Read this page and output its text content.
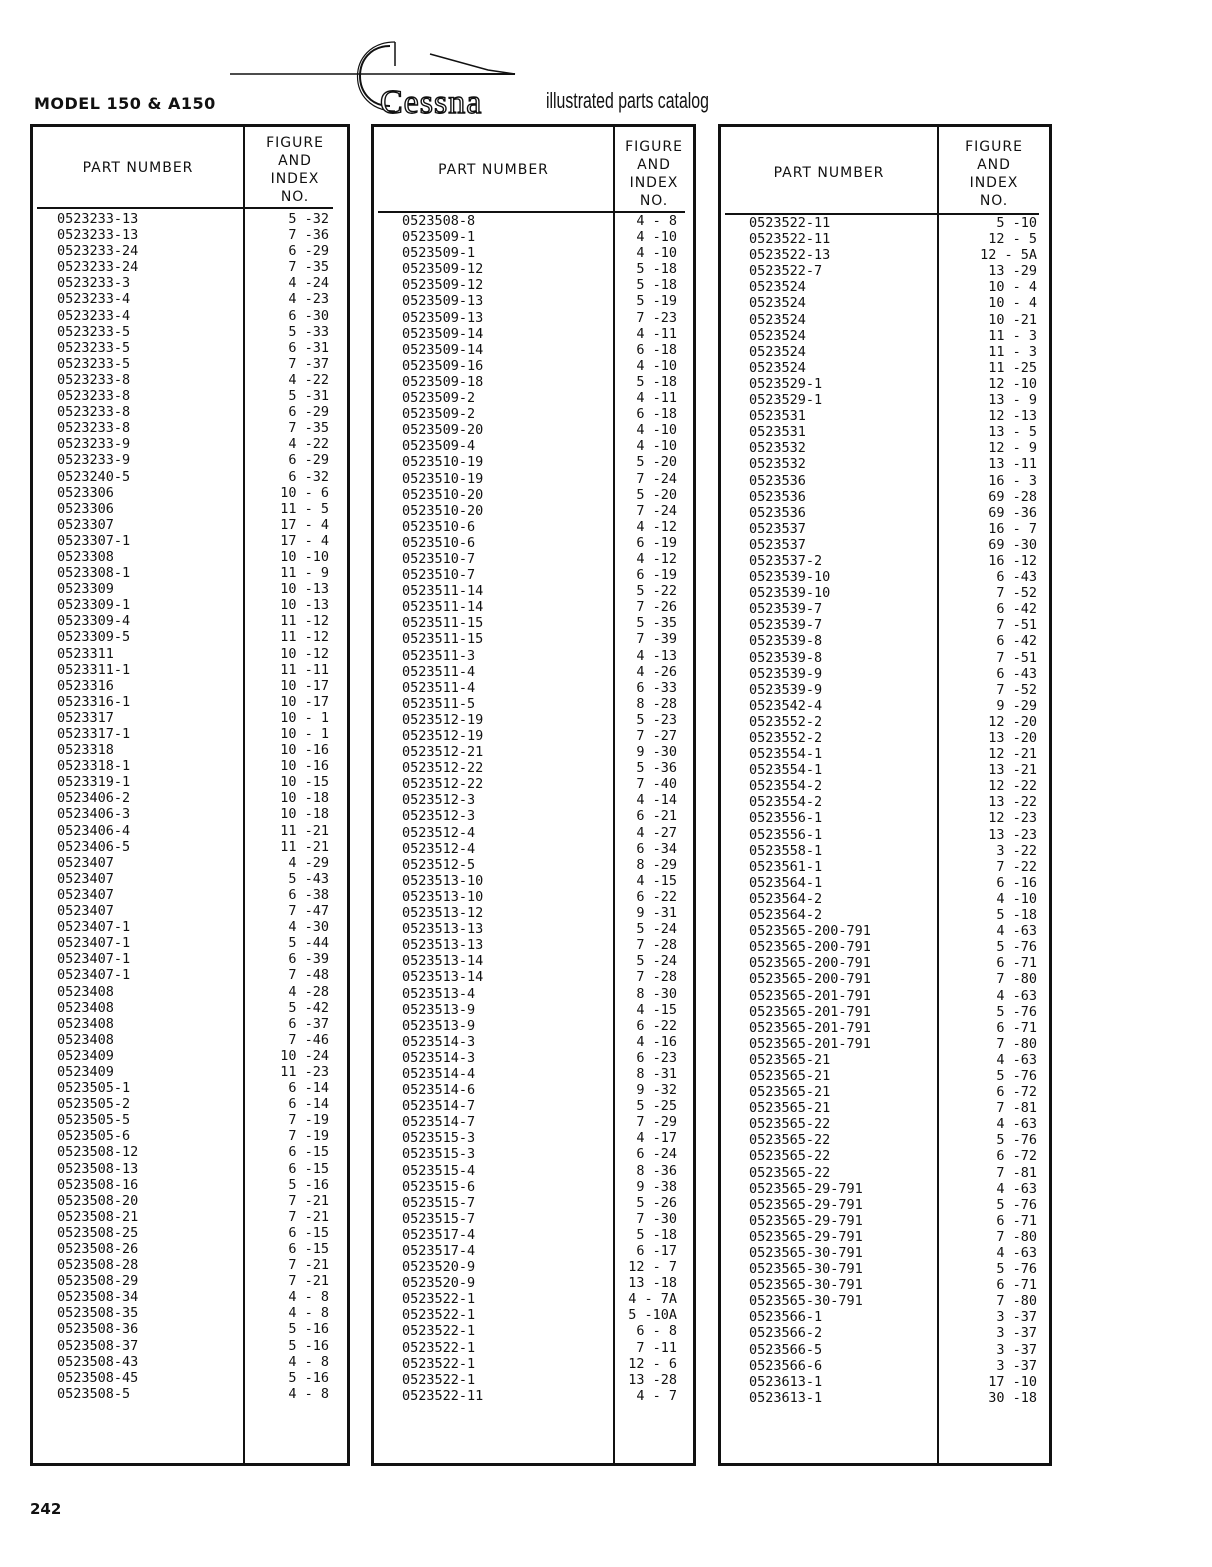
MODEL 150 & A150	Cessna	illustrated parts catalog
PART NUMBER
FIGURE
AND
INDEX
NO.
0523233-13	5 -32
0523233-13	7 -36
0523233-24	6 -29
0523233-24	7 -35
0523233-3	4 -24
0523233-4	4 -23
0523233-4	6 -30
0523233-5	5 -33
0523233-5	6 -31
0523233-5	7 -37
0523233-8	4 -22
0523233-8	5 -31
0523233-8	6 -29
0523233-8	7 -35
0523233-9	4 -22
0523233-9	6 -29
0523240-5	6 -32
0523306	10 - 6
0523306	11 - 5
0523307	17 - 4
0523307-1	17 - 4
0523308	10 -10
0523308-1	11 - 9
0523309	10 -13
0523309-1	10 -13
0523309-4	11 -12
0523309-5	11 -12
0523311	10 -12
0523311-1	11 -11
0523316	10 -17
0523316-1	10 -17
0523317	10 - 1
0523317-1	10 - 1
0523318	10 -16
0523318-1	10 -16
0523319-1	10 -15
0523406-2	10 -18
0523406-3	10 -18
0523406-4	11 -21
0523406-5	11 -21
0523407	4 -29
0523407	5 -43
0523407	6 -38
0523407	7 -47
0523407-1	4 -30
0523407-1	5 -44
0523407-1	6 -39
0523407-1	7 -48
0523408	4 -28
0523408	5 -42
0523408	6 -37
0523408	7 -46
0523409	10 -24
0523409	11 -23
0523505-1	6 -14
0523505-2	6 -14
0523505-5	7 -19
0523505-6	7 -19
0523508-12	6 -15
0523508-13	6 -15
0523508-16	5 -16
0523508-20	7 -21
0523508-21	7 -21
0523508-25	6 -15
0523508-26	6 -15
0523508-28	7 -21
0523508-29	7 -21
0523508-34	4 - 8
0523508-35	4 - 8
0523508-36	5 -16
0523508-37	5 -16
0523508-43	4 - 8
0523508-45	5 -16
0523508-5	4 - 8
PART NUMBER
FIGURE
AND
INDEX
NO.
0523508-8	4 - 8
0523509-1	4 -10
0523509-1	4 -10
0523509-12	5 -18
0523509-12	5 -18
0523509-13	5 -19
0523509-13	7 -23
0523509-14	4 -11
0523509-14	6 -18
0523509-16	4 -10
0523509-18	5 -18
0523509-2	4 -11
0523509-2	6 -18
0523509-20	4 -10
0523509-4	4 -10
0523510-19	5 -20
0523510-19	7 -24
0523510-20	5 -20
0523510-20	7 -24
0523510-6	4 -12
0523510-6	6 -19
0523510-7	4 -12
0523510-7	6 -19
0523511-14	5 -22
0523511-14	7 -26
0523511-15	5 -35
0523511-15	7 -39
0523511-3	4 -13
0523511-4	4 -26
0523511-4	6 -33
0523511-5	8 -28
0523512-19	5 -23
0523512-19	7 -27
0523512-21	9 -30
0523512-22	5 -36
0523512-22	7 -40
0523512-3	4 -14
0523512-3	6 -21
0523512-4	4 -27
0523512-4	6 -34
0523512-5	8 -29
0523513-10	4 -15
0523513-10	6 -22
0523513-12	9 -31
0523513-13	5 -24
0523513-13	7 -28
0523513-14	5 -24
0523513-14	7 -28
0523513-4	8 -30
0523513-9	4 -15
0523513-9	6 -22
0523514-3	4 -16
0523514-3	6 -23
0523514-4	8 -31
0523514-6	9 -32
0523514-7	5 -25
0523514-7	7 -29
0523515-3	4 -17
0523515-3	6 -24
0523515-4	8 -36
0523515-6	9 -38
0523515-7	5 -26
0523515-7	7 -30
0523517-4	5 -18
0523517-4	6 -17
0523520-9	12 - 7
0523520-9	13 -18
0523522-1	4 - 7A
0523522-1	5 -10A
0523522-1	6 - 8
0523522-1	7 -11
0523522-1	12 - 6
0523522-1	13 -28
0523522-11	4 - 7
PART NUMBER
FIGURE
AND
INDEX
NO.
0523522-11	5 -10
0523522-11	12 - 5
0523522-13	12 - 5A
0523522-7	13 -29
0523524	10 - 4
0523524	10 - 4
0523524	10 -21
0523524	11 - 3
0523524	11 - 3
0523524	11 -25
0523529-1	12 -10
0523529-1	13 - 9
0523531	12 -13
0523531	13 - 5
0523532	12 - 9
0523532	13 -11
0523536	16 - 3
0523536	69 -28
0523536	69 -36
0523537	16 - 7
0523537	69 -30
0523537-2	16 -12
0523539-10	6 -43
0523539-10	7 -52
0523539-7	6 -42
0523539-7	7 -51
0523539-8	6 -42
0523539-8	7 -51
0523539-9	6 -43
0523539-9	7 -52
0523542-4	9 -29
0523552-2	12 -20
0523552-2	13 -20
0523554-1	12 -21
0523554-1	13 -21
0523554-2	12 -22
0523554-2	13 -22
0523556-1	12 -23
0523556-1	13 -23
0523558-1	3 -22
0523561-1	7 -22
0523564-1	6 -16
0523564-2	4 -10
0523564-2	5 -18
0523565-200-791	4 -63
0523565-200-791	5 -76
0523565-200-791	6 -71
0523565-200-791	7 -80
0523565-201-791	4 -63
0523565-201-791	5 -76
0523565-201-791	6 -71
0523565-201-791	7 -80
0523565-21	4 -63
0523565-21	5 -76
0523565-21	6 -72
0523565-21	7 -81
0523565-22	4 -63
0523565-22	5 -76
0523565-22	6 -72
0523565-22	7 -81
0523565-29-791	4 -63
0523565-29-791	5 -76
0523565-29-791	6 -71
0523565-29-791	7 -80
0523565-30-791	4 -63
0523565-30-791	5 -76
0523565-30-791	6 -71
0523565-30-791	7 -80
0523566-1	3 -37
0523566-2	3 -37
0523566-5	3 -37
0523566-6	3 -37
0523613-1	17 -10
0523613-1	30 -18
242
